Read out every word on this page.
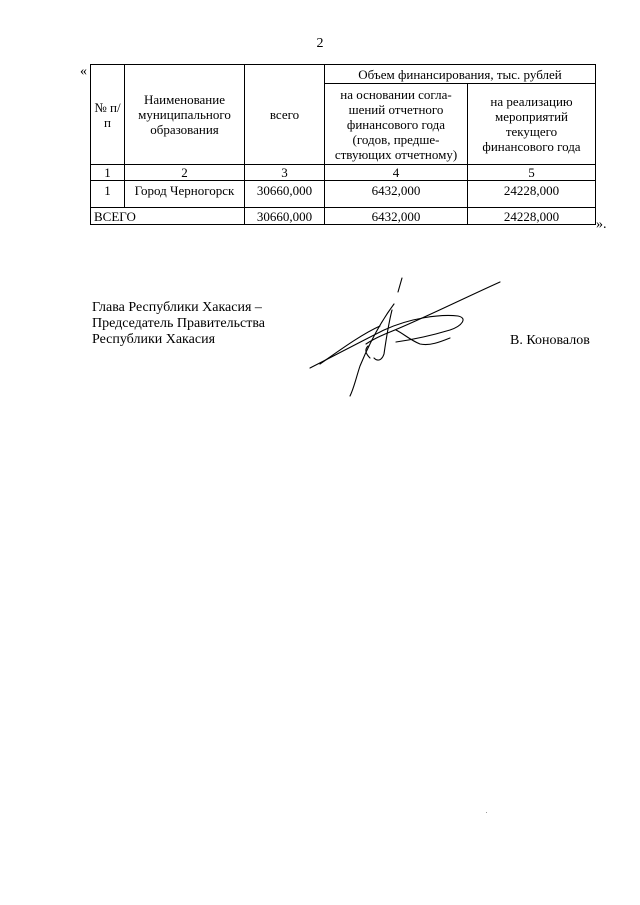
2
«
№ п/п	Наименование муниципального образования	всего	Объем финансирования, тыс. рублей	
			на основании согла-шений отчетного финансового года (годов, предше-ствующих отчетному)	на реализацию мероприятий текущего финансового года
1	2	3	4	5
1	Город Черногорск	30660,000	6432,000	24228,000
ВСЕГО		30660,000	6432,000	24228,000
».
Глава Республики Хакасия –
Председатель Правительства
Республики Хакасия	В. Коновалов
